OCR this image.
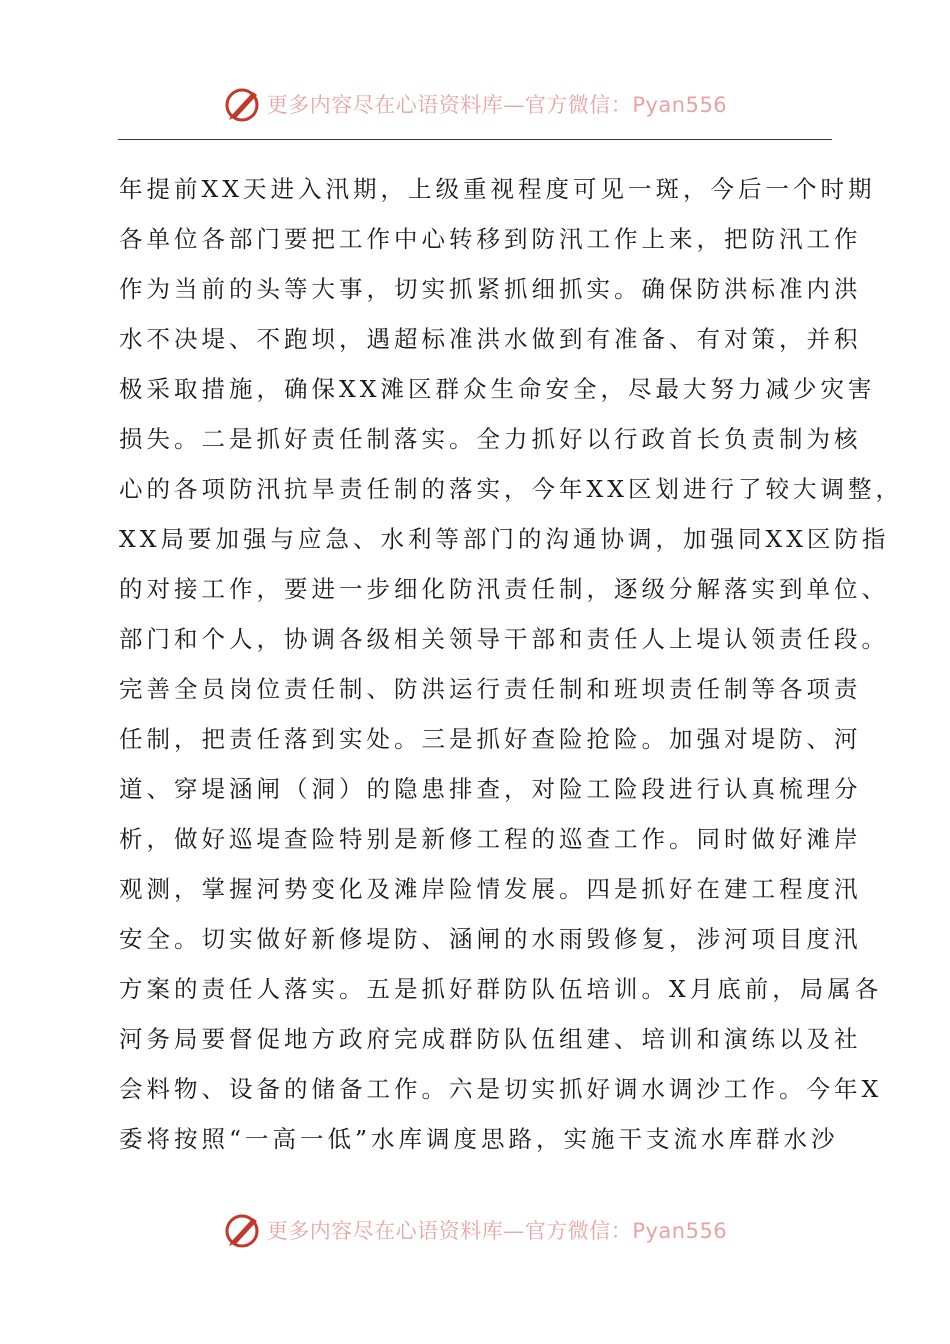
更多内容尽在心语资料库—官方微信：Pyan556
年提前XX天进入汛期，上级重视程度可见一斑，今后一个时期
各单位各部门要把工作中心转移到防汛工作上来，把防汛工作
作为当前的头等大事，切实抓紧抓细抓实。确保防洪标准内洪
水不决堤、不跑坝，遇超标准洪水做到有准备、有对策，并积
极采取措施，确保XX滩区群众生命安全，尽最大努力减少灾害
损失。二是抓好责任制落实。全力抓好以行政首长负责制为核
心的各项防汛抗旱责任制的落实，今年XX区划进行了较大调整，
XX局要加强与应急、水利等部门的沟通协调，加强同XX区防指
的对接工作，要进一步细化防汛责任制，逐级分解落实到单位、
部门和个人，协调各级相关领导干部和责任人上堤认领责任段。
完善全员岗位责任制、防洪运行责任制和班坝责任制等各项责
任制，把责任落到实处。三是抓好查险抢险。加强对堤防、河
道、穿堤涵闸（洞）的隐患排查，对险工险段进行认真梳理分
析，做好巡堤查险特别是新修工程的巡查工作。同时做好滩岸
观测，掌握河势变化及滩岸险情发展。四是抓好在建工程度汛
安全。切实做好新修堤防、涵闸的水雨毁修复，涉河项目度汛
方案的责任人落实。五是抓好群防队伍培训。X月底前，局属各
河务局要督促地方政府完成群防队伍组建、培训和演练以及社
会料物、设备的储备工作。六是切实抓好调水调沙工作。今年X
委将按照“一高一低”水库调度思路，实施干支流水库群水沙
更多内容尽在心语资料库—官方微信：Pyan556
